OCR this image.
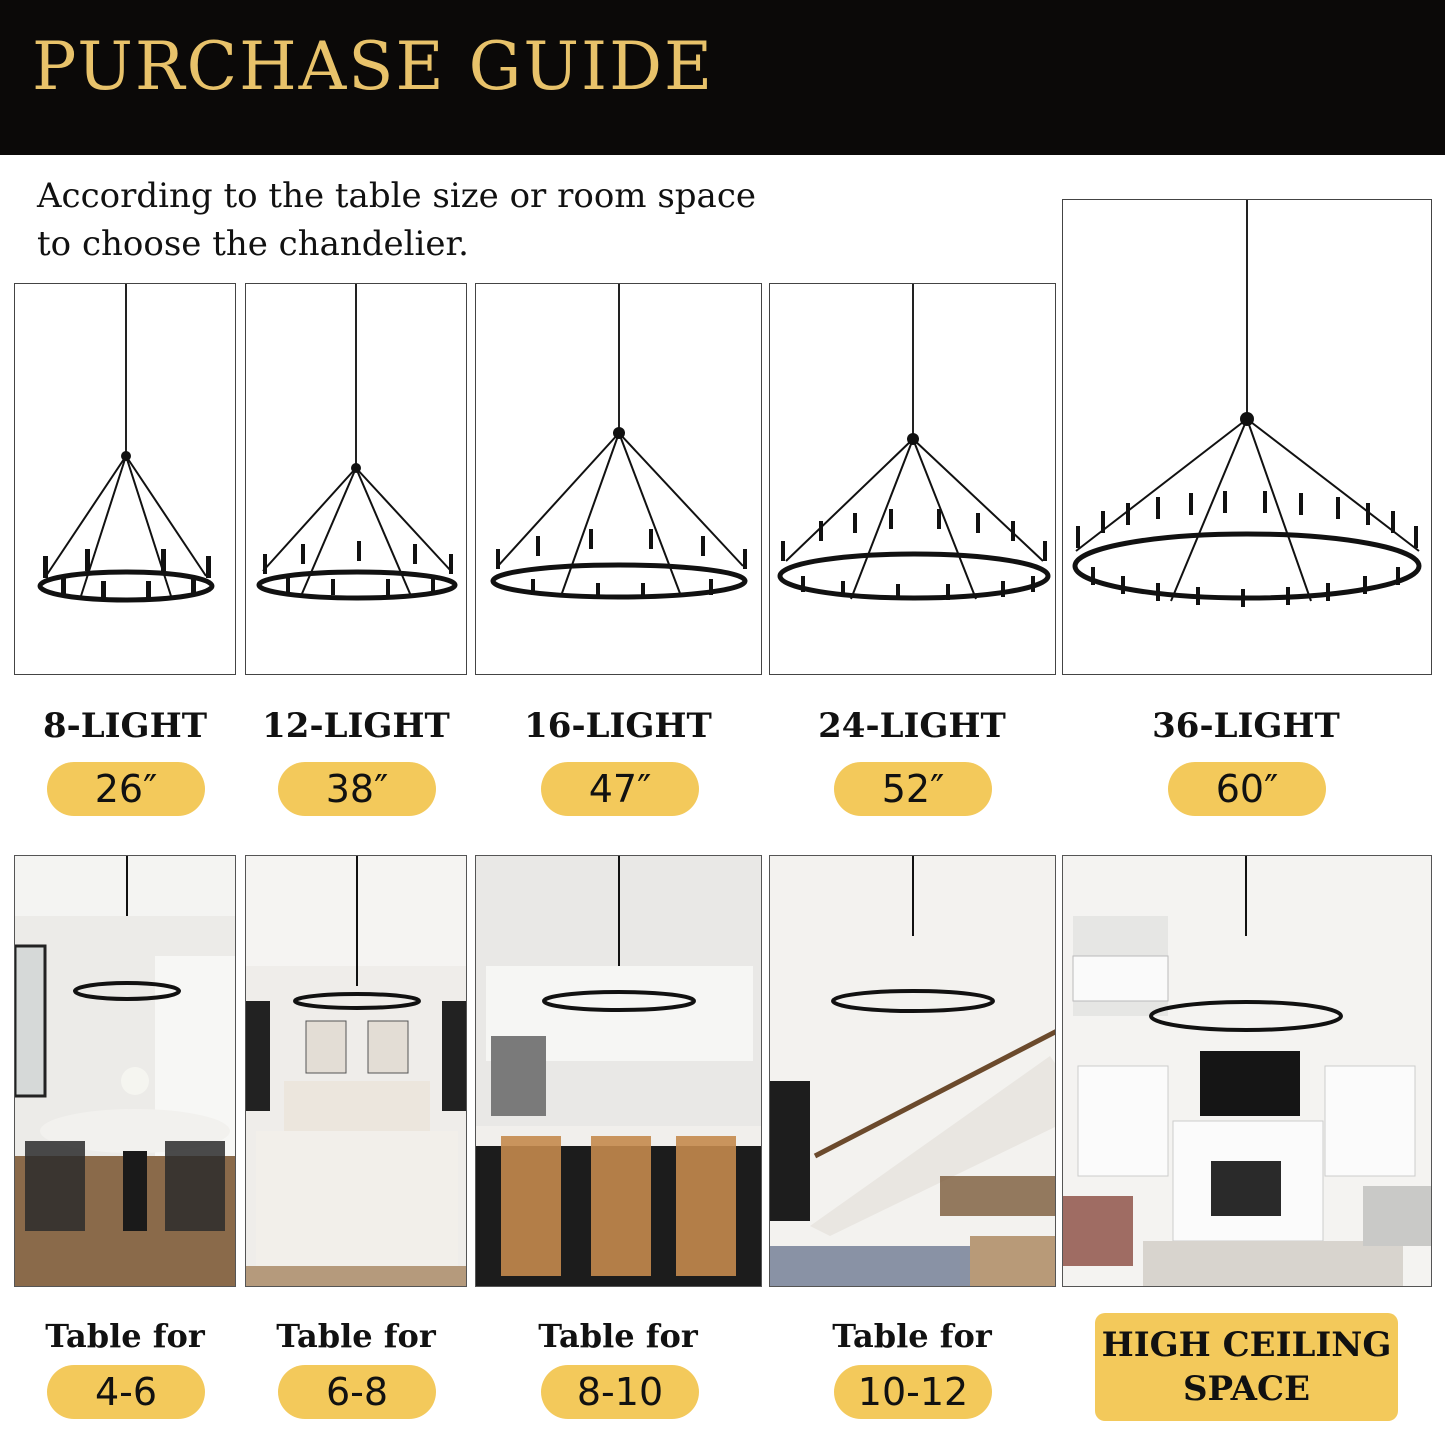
PURCHASE GUIDE
According to the table size or room space to choose the chandelier.
8-LIGHT
26″
12-LIGHT
38″
16-LIGHT
47″
24-LIGHT
52″
36-LIGHT
60″
Table for
4-6
Table for
6-8
Table for
8-10
Table for
10-12
HIGH CEILING
SPACE
